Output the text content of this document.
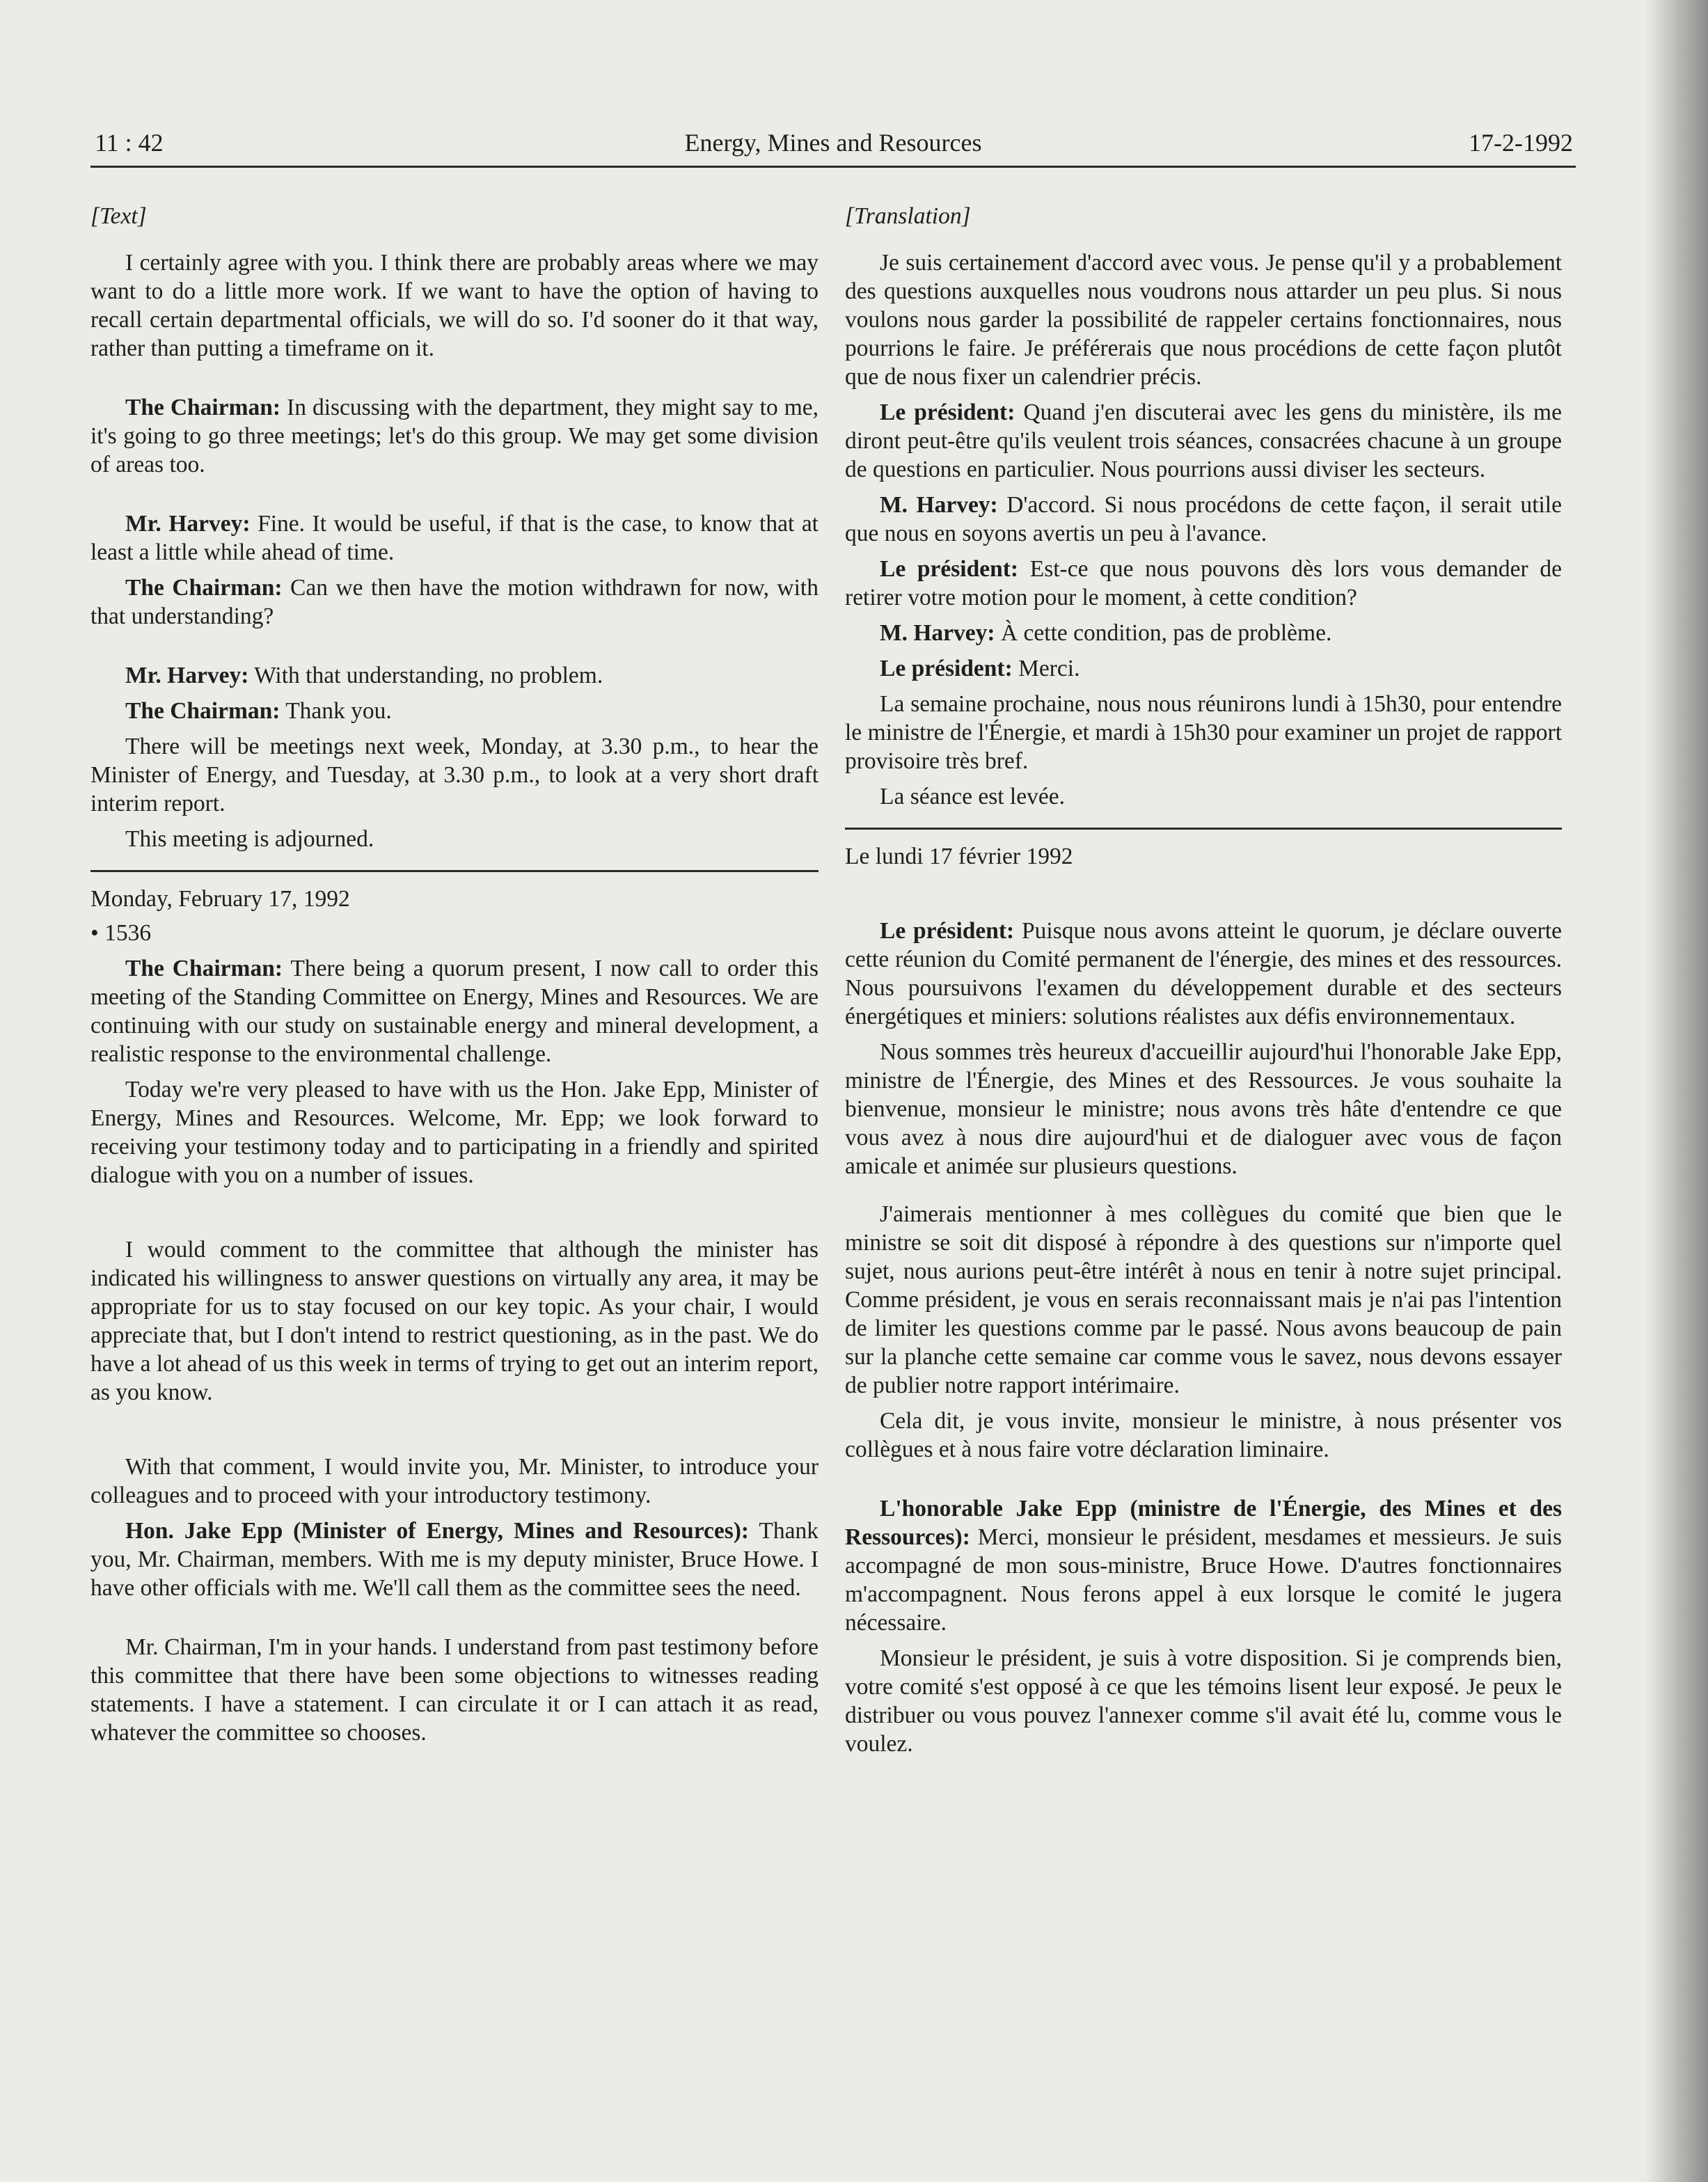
11 : 42	Energy, Mines and Resources	17-2-1992

[Text]

I certainly agree with you. I think there are probably areas where we may want to do a little more work. If we want to have the option of having to recall certain departmental officials, we will do so. I'd sooner do it that way, rather than putting a timeframe on it.

The Chairman: In discussing with the department, they might say to me, it's going to go three meetings; let's do this group. We may get some division of areas too.

Mr. Harvey: Fine. It would be useful, if that is the case, to know that at least a little while ahead of time.

The Chairman: Can we then have the motion withdrawn for now, with that understanding?

Mr. Harvey: With that understanding, no problem.

The Chairman: Thank you.

There will be meetings next week, Monday, at 3.30 p.m., to hear the Minister of Energy, and Tuesday, at 3.30 p.m., to look at a very short draft interim report.

This meeting is adjourned.

Monday, February 17, 1992

• 1536

The Chairman: There being a quorum present, I now call to order this meeting of the Standing Committee on Energy, Mines and Resources. We are continuing with our study on sustainable energy and mineral development, a realistic response to the environmental challenge.

Today we're very pleased to have with us the Hon. Jake Epp, Minister of Energy, Mines and Resources. Welcome, Mr. Epp; we look forward to receiving your testimony today and to participating in a friendly and spirited dialogue with you on a number of issues.

I would comment to the committee that although the minister has indicated his willingness to answer questions on virtually any area, it may be appropriate for us to stay focused on our key topic. As your chair, I would appreciate that, but I don't intend to restrict questioning, as in the past. We do have a lot ahead of us this week in terms of trying to get out an interim report, as you know.

With that comment, I would invite you, Mr. Minister, to introduce your colleagues and to proceed with your introductory testimony.

Hon. Jake Epp (Minister of Energy, Mines and Resources): Thank you, Mr. Chairman, members. With me is my deputy minister, Bruce Howe. I have other officials with me. We'll call them as the committee sees the need.

Mr. Chairman, I'm in your hands. I understand from past testimony before this committee that there have been some objections to witnesses reading statements. I have a statement. I can circulate it or I can attach it as read, whatever the committee so chooses.

[Translation]

Je suis certainement d'accord avec vous. Je pense qu'il y a probablement des questions auxquelles nous voudrons nous attarder un peu plus. Si nous voulons nous garder la possibilité de rappeler certains fonctionnaires, nous pourrions le faire. Je préférerais que nous procédions de cette façon plutôt que de nous fixer un calendrier précis.

Le président: Quand j'en discuterai avec les gens du ministère, ils me diront peut-être qu'ils veulent trois séances, consacrées chacune à un groupe de questions en particulier. Nous pourrions aussi diviser les secteurs.

M. Harvey: D'accord. Si nous procédons de cette façon, il serait utile que nous en soyons avertis un peu à l'avance.

Le président: Est-ce que nous pouvons dès lors vous demander de retirer votre motion pour le moment, à cette condition?

M. Harvey: À cette condition, pas de problème.

Le président: Merci.

La semaine prochaine, nous nous réunirons lundi à 15h30, pour entendre le ministre de l'Énergie, et mardi à 15h30 pour examiner un projet de rapport provisoire très bref.

La séance est levée.

Le lundi 17 février 1992

Le président: Puisque nous avons atteint le quorum, je déclare ouverte cette réunion du Comité permanent de l'énergie, des mines et des ressources. Nous poursuivons l'examen du développement durable et des secteurs énergétiques et miniers: solutions réalistes aux défis environnementaux.

Nous sommes très heureux d'accueillir aujourd'hui l'honorable Jake Epp, ministre de l'Énergie, des Mines et des Ressources. Je vous souhaite la bienvenue, monsieur le ministre; nous avons très hâte d'entendre ce que vous avez à nous dire aujourd'hui et de dialoguer avec vous de façon amicale et animée sur plusieurs questions.

J'aimerais mentionner à mes collègues du comité que bien que le ministre se soit dit disposé à répondre à des questions sur n'importe quel sujet, nous aurions peut-être intérêt à nous en tenir à notre sujet principal. Comme président, je vous en serais reconnaissant mais je n'ai pas l'intention de limiter les questions comme par le passé. Nous avons beaucoup de pain sur la planche cette semaine car comme vous le savez, nous devons essayer de publier notre rapport intérimaire.

Cela dit, je vous invite, monsieur le ministre, à nous présenter vos collègues et à nous faire votre déclaration liminaire.

L'honorable Jake Epp (ministre de l'Énergie, des Mines et des Ressources): Merci, monsieur le président, mesdames et messieurs. Je suis accompagné de mon sous-ministre, Bruce Howe. D'autres fonctionnaires m'accompagnent. Nous ferons appel à eux lorsque le comité le jugera nécessaire.

Monsieur le président, je suis à votre disposition. Si je comprends bien, votre comité s'est opposé à ce que les témoins lisent leur exposé. Je peux le distribuer ou vous pouvez l'annexer comme s'il avait été lu, comme vous le voulez.
